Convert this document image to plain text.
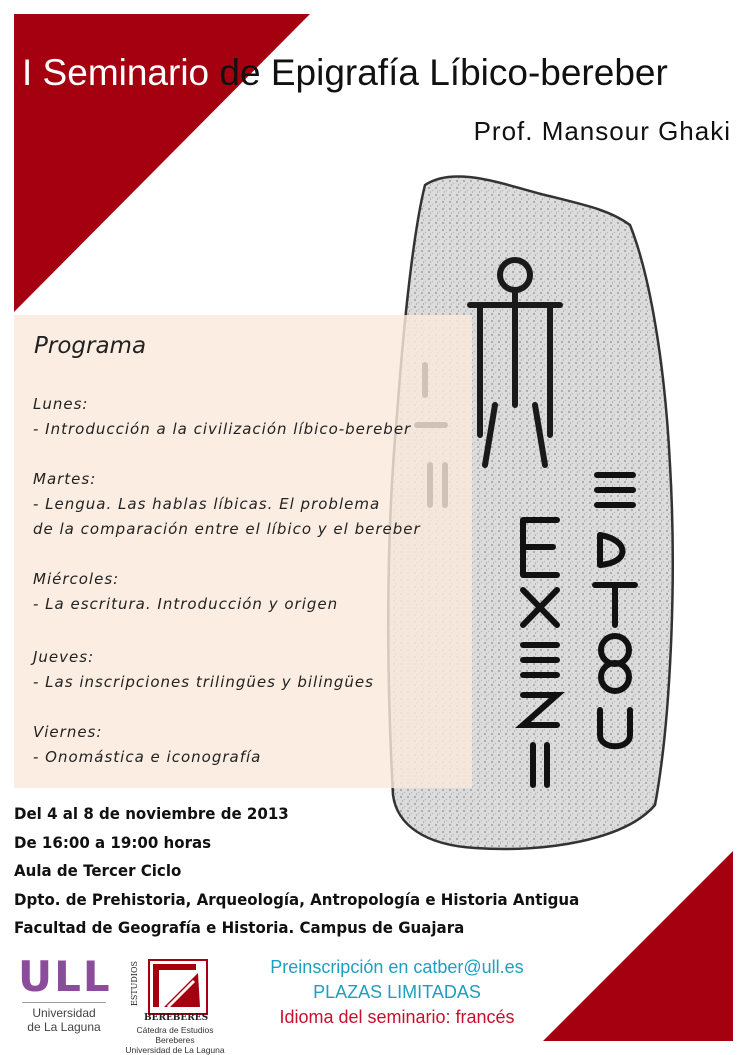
I Seminario de Epigrafía Líbico-bereber
Prof. Mansour Ghaki
Programa
Lunes:
- Introducción a la civilización líbico-bereber
Martes:
- Lengua. Las hablas líbicas. El problema
de la comparación entre el líbico y el bereber
Miércoles:
- La escritura. Introducción y origen
Jueves:
- Las inscripciones trilingües y bilingües
Viernes:
- Onomástica e iconografía
Del 4 al 8 de noviembre de 2013
De 16:00 a 19:00 horas
Aula de Tercer Ciclo
Dpto. de Prehistoria, Arqueología, Antropología e Historia Antigua
Facultad de Geografía e Historia. Campus de Guajara
ULL
Universidad
de La Laguna
ESTUDIOS
BEREBERES
Cátedra de Estudios Bereberes
Universidad de La Laguna
Preinscripción en catber@ull.es
PLAZAS LIMITADAS
Idioma del seminario: francés
